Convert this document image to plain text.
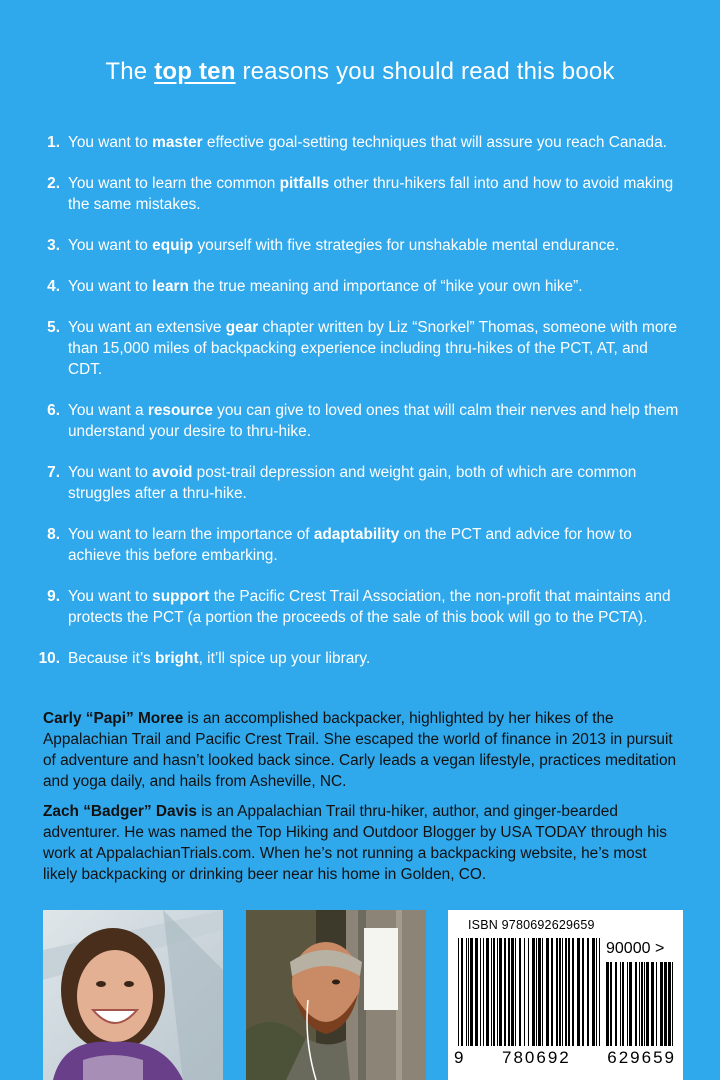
The top ten reasons you should read this book
1. You want to master effective goal-setting techniques that will assure you reach Canada.
2. You want to learn the common pitfalls other thru-hikers fall into and how to avoid making the same mistakes.
3. You want to equip yourself with five strategies for unshakable mental endurance.
4. You want to learn the true meaning and importance of “hike your own hike”.
5. You want an extensive gear chapter written by Liz “Snorkel” Thomas, someone with more than 15,000 miles of backpacking experience including thru-hikes of the PCT, AT, and CDT.
6. You want a resource you can give to loved ones that will calm their nerves and help them understand your desire to thru-hike.
7. You want to avoid post-trail depression and weight gain, both of which are common struggles after a thru-hike.
8. You want to learn the importance of adaptability on the PCT and advice for how to achieve this before embarking.
9. You want to support the Pacific Crest Trail Association, the non-profit that maintains and protects the PCT (a portion the proceeds of the sale of this book will go to the PCTA).
10. Because it’s bright, it’ll spice up your library.

Carly “Papi” Moree is an accomplished backpacker, highlighted by her hikes of the Appalachian Trail and Pacific Crest Trail. She escaped the world of finance in 2013 in pursuit of adventure and hasn’t looked back since. Carly leads a vegan lifestyle, practices meditation and yoga daily, and hails from Asheville, NC.

Zach “Badger” Davis is an Appalachian Trail thru-hiker, author, and ginger-bearded adventurer. He was named the Top Hiking and Outdoor Blogger by USA TODAY through his work at AppalachianTrials.com. When he’s not running a backpacking website, he’s most likely backpacking or drinking beer near his home in Golden, CO.

ISBN 9780692629659
90000 >
9 780692 629659
